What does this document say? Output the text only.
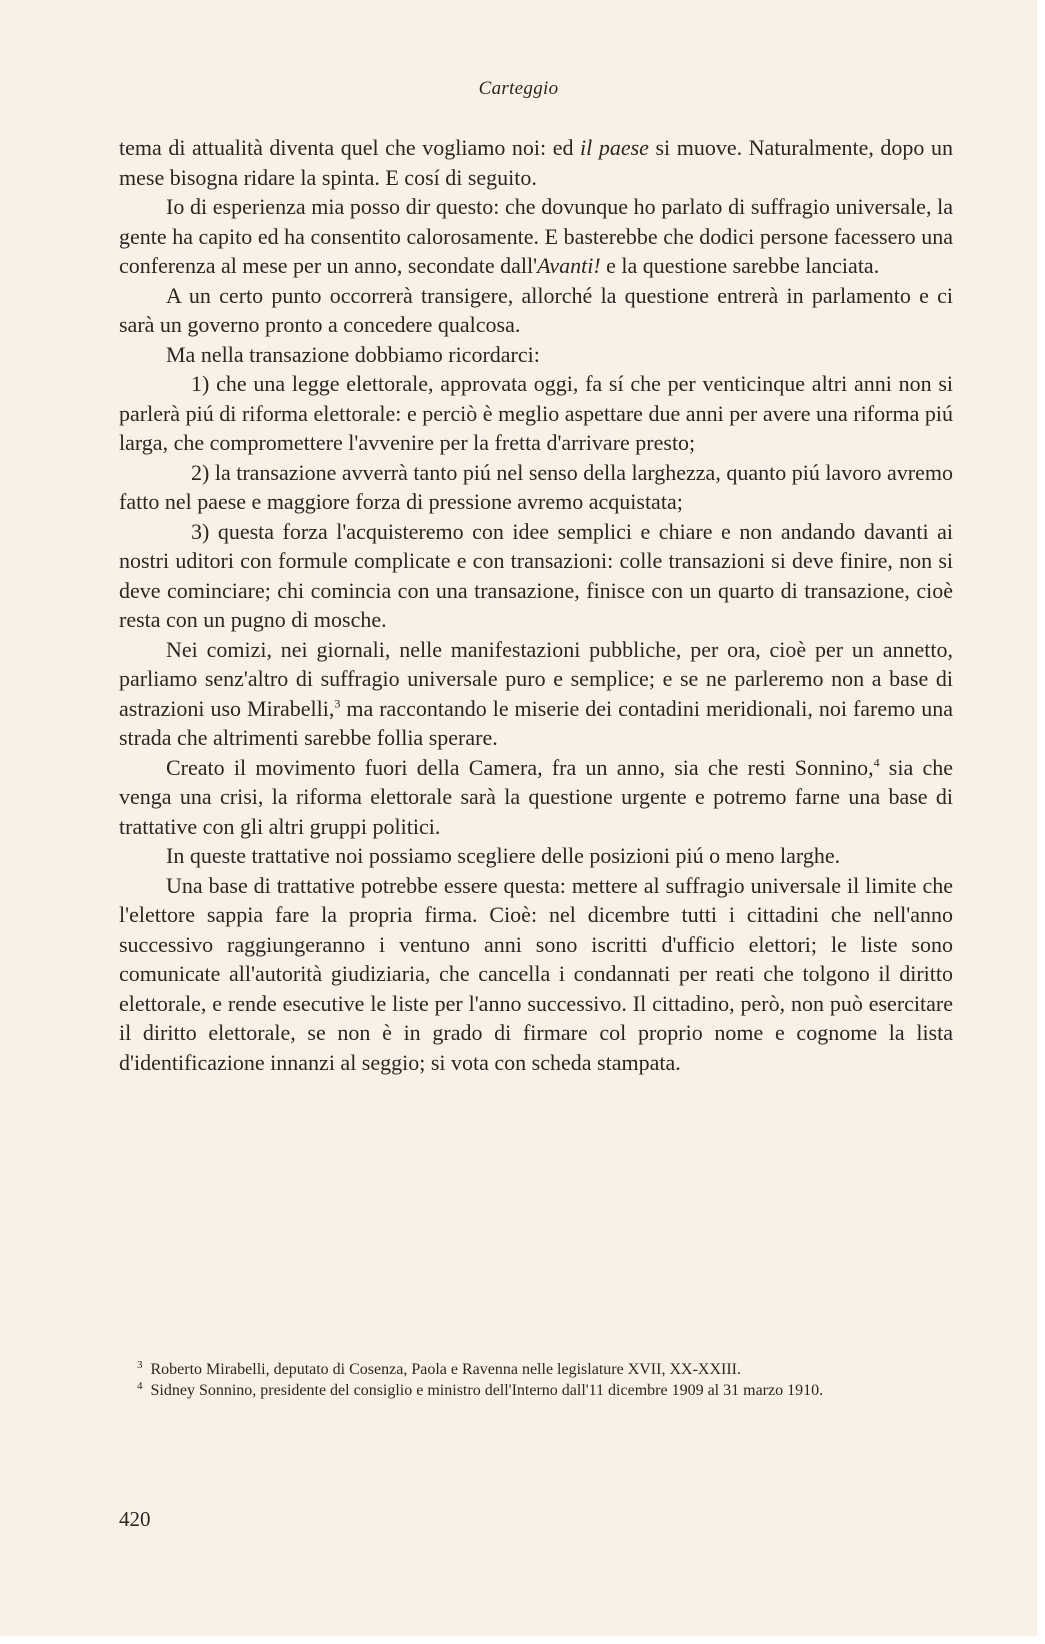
Carteggio

tema di attualità diventa quel che vogliamo noi: ed il paese si muove. Naturalmente, dopo un mese bisogna ridare la spinta. E cosí di seguito.

Io di esperienza mia posso dir questo: che dovunque ho parlato di suffragio universale, la gente ha capito ed ha consentito calorosamente. E basterebbe che dodici persone facessero una conferenza al mese per un anno, secondate dall'Avanti! e la questione sarebbe lanciata.

A un certo punto occorrerà transigere, allorché la questione entrerà in parlamento e ci sarà un governo pronto a concedere qualcosa.

Ma nella transazione dobbiamo ricordarci:

1) che una legge elettorale, approvata oggi, fa sí che per venticinque altri anni non si parlerà piú di riforma elettorale: e perciò è meglio aspettare due anni per avere una riforma piú larga, che compromettere l'avvenire per la fretta d'arrivare presto;

2) la transazione avverrà tanto piú nel senso della larghezza, quanto piú lavoro avremo fatto nel paese e maggiore forza di pressione avremo acquistata;

3) questa forza l'acquisteremo con idee semplici e chiare e non andando davanti ai nostri uditori con formule complicate e con transazioni: colle transazioni si deve finire, non si deve cominciare; chi comincia con una transazione, finisce con un quarto di transazione, cioè resta con un pugno di mosche.

Nei comizi, nei giornali, nelle manifestazioni pubbliche, per ora, cioè per un annetto, parliamo senz'altro di suffragio universale puro e semplice; e se ne parleremo non a base di astrazioni uso Mirabelli,$^3$ ma raccontando le miserie dei contadini meridionali, noi faremo una strada che altrimenti sarebbe follia sperare.

Creato il movimento fuori della Camera, fra un anno, sia che resti Sonnino,$^4$ sia che venga una crisi, la riforma elettorale sarà la questione urgente e potremo farne una base di trattative con gli altri gruppi politici.

In queste trattative noi possiamo scegliere delle posizioni piú o meno larghe.

Una base di trattative potrebbe essere questa: mettere al suffragio universale il limite che l'elettore sappia fare la propria firma. Cioè: nel dicembre tutti i cittadini che nell'anno successivo raggiungeranno i ventuno anni sono iscritti d'ufficio elettori; le liste sono comunicate all'autorità giudiziaria, che cancella i condannati per reati che tolgono il diritto elettorale, e rende esecutive le liste per l'anno successivo. Il cittadino, però, non può esercitare il diritto elettorale, se non è in grado di firmare col proprio nome e cognome la lista d'identificazione innanzi al seggio; si vota con scheda stampata.

$^3$ Roberto Mirabelli, deputato di Cosenza, Paola e Ravenna nelle legislature XVII, XX-XXIII.

$^4$ Sidney Sonnino, presidente del consiglio e ministro dell'Interno dall'11 dicembre 1909 al 31 marzo 1910.

420
